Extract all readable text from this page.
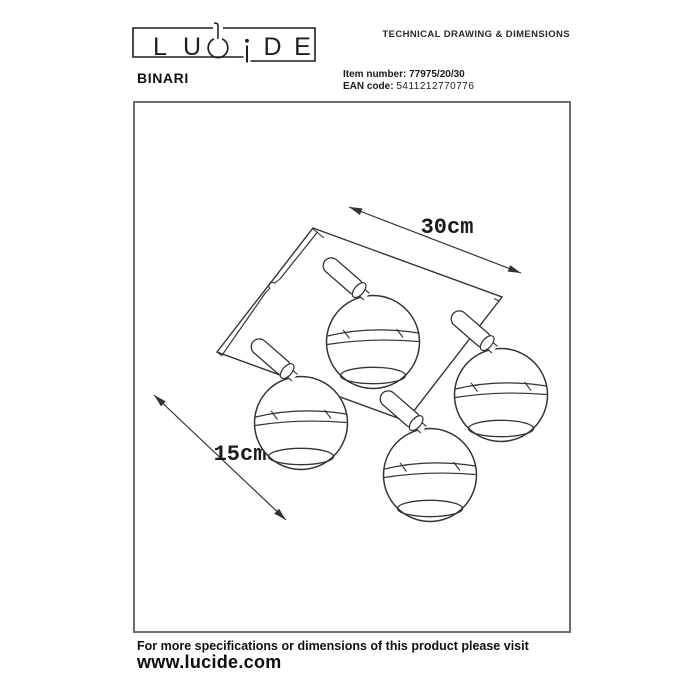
L U D E
30cm
15cm
TECHNICAL DRAWING & DIMENSIONS
BINARI	Item number: 77975/20/30
EAN code: 5411212770776
For more specifications or dimensions of this product please visit
www.lucide.com
